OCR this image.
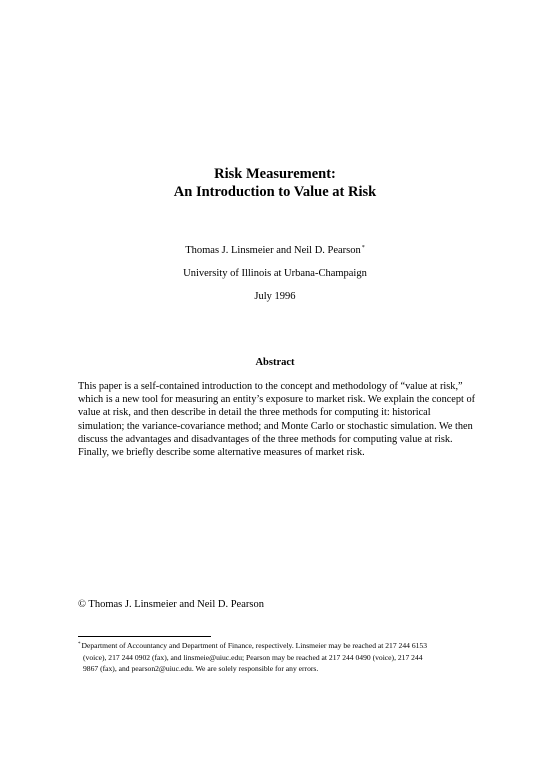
Risk Measurement:
An Introduction to Value at Risk
Thomas J. Linsmeier and Neil D. Pearson*
University of Illinois at Urbana-Champaign
July 1996
Abstract
This paper is a self-contained introduction to the concept and methodology of “value at risk,”
which is a new tool for measuring an entity’s exposure to market risk. We explain the concept of
value at risk, and then describe in detail the three methods for computing it: historical
simulation; the variance-covariance method; and Monte Carlo or stochastic simulation. We then
discuss the advantages and disadvantages of the three methods for computing value at risk.
Finally, we briefly describe some alternative measures of market risk.
© Thomas J. Linsmeier and Neil D. Pearson
*Department of Accountancy and Department of Finance, respectively. Linsmeier may be reached at 217 244 6153
(voice), 217 244 0902 (fax), and linsmeie@uiuc.edu; Pearson may be reached at 217 244 0490 (voice), 217 244
9867 (fax), and pearson2@uiuc.edu. We are solely responsible for any errors.
